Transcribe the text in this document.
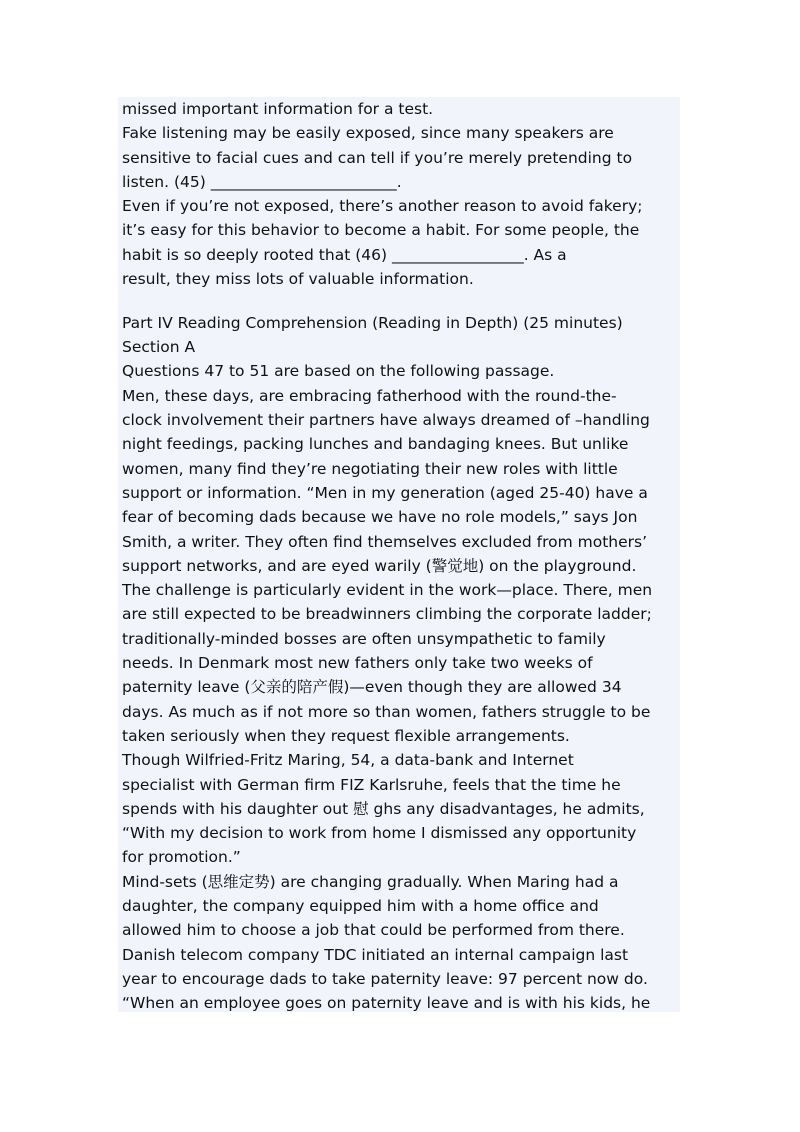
missed important information for a test.
Fake listening may be easily exposed, since many speakers are
sensitive to facial cues and can tell if you’re merely pretending to
listen. (45) ________________________.
Even if you’re not exposed, there’s another reason to avoid fakery;
it’s easy for this behavior to become a habit. For some people, the
habit is so deeply rooted that (46) _________________. As a
result, they miss lots of valuable information.
Part IV Reading Comprehension (Reading in Depth) (25 minutes)
Section A
Questions 47 to 51 are based on the following passage.
Men, these days, are embracing fatherhood with the round-the-
clock involvement their partners have always dreamed of –handling
night feedings, packing lunches and bandaging knees. But unlike
women, many find they’re negotiating their new roles with little
support or information. “Men in my generation (aged 25-40) have a
fear of becoming dads because we have no role models,” says Jon
Smith, a writer. They often find themselves excluded from mothers’
support networks, and are eyed warily (警觉地) on the playground.
The challenge is particularly evident in the work—place. There, men
are still expected to be breadwinners climbing the corporate ladder;
traditionally-minded bosses are often unsympathetic to family
needs. In Denmark most new fathers only take two weeks of
paternity leave (父亲的陪产假)—even though they are allowed 34
days. As much as if not more so than women, fathers struggle to be
taken seriously when they request flexible arrangements.
Though Wilfried-Fritz Maring, 54, a data-bank and Internet
specialist with German firm FIZ Karlsruhe, feels that the time he
spends with his daughter out 慰 ghs any disadvantages, he admits,
“With my decision to work from home I dismissed any opportunity
for promotion.”
Mind-sets (思维定势) are changing gradually. When Maring had a
daughter, the company equipped him with a home office and
allowed him to choose a job that could be performed from there.
Danish telecom company TDC initiated an internal campaign last
year to encourage dads to take paternity leave: 97 percent now do.
“When an employee goes on paternity leave and is with his kids, he
